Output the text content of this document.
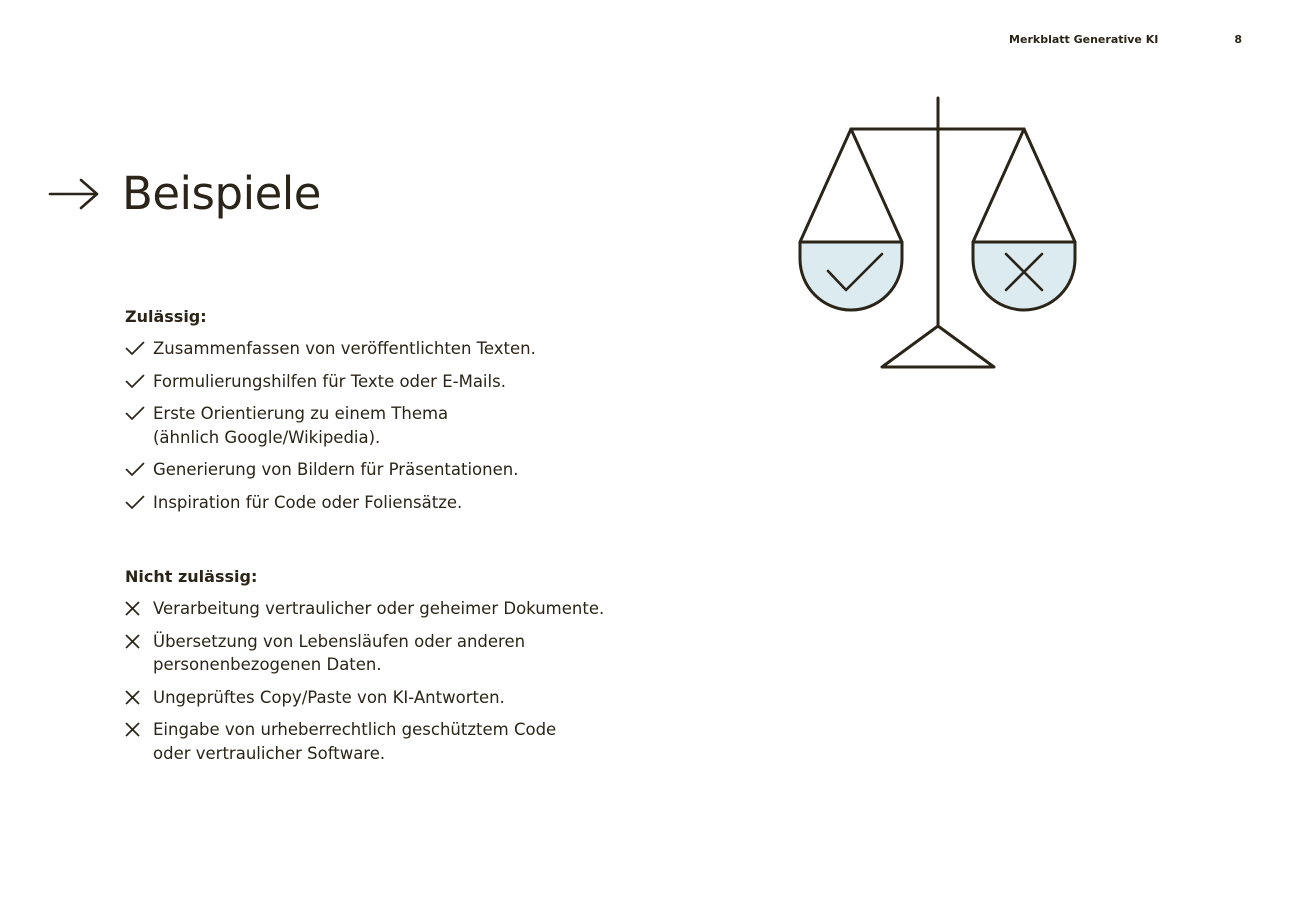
Merkblatt Generative KI	8
Beispiele
Zulässig:
Zusammenfassen von veröffentlichten Texten.
Formulierungshilfen für Texte oder E-Mails.
Erste Orientierung zu einem Thema
(ähnlich Google/Wikipedia).
Generierung von Bildern für Präsentationen.
Inspiration für Code oder Foliensätze.
Nicht zulässig:
Verarbeitung vertraulicher oder geheimer Dokumente.
Übersetzung von Lebensläufen oder anderen
personenbezogenen Daten.
Ungeprüftes Copy/Paste von KI-Antworten.
Eingabe von urheberrechtlich geschütztem Code
oder vertraulicher Software.
